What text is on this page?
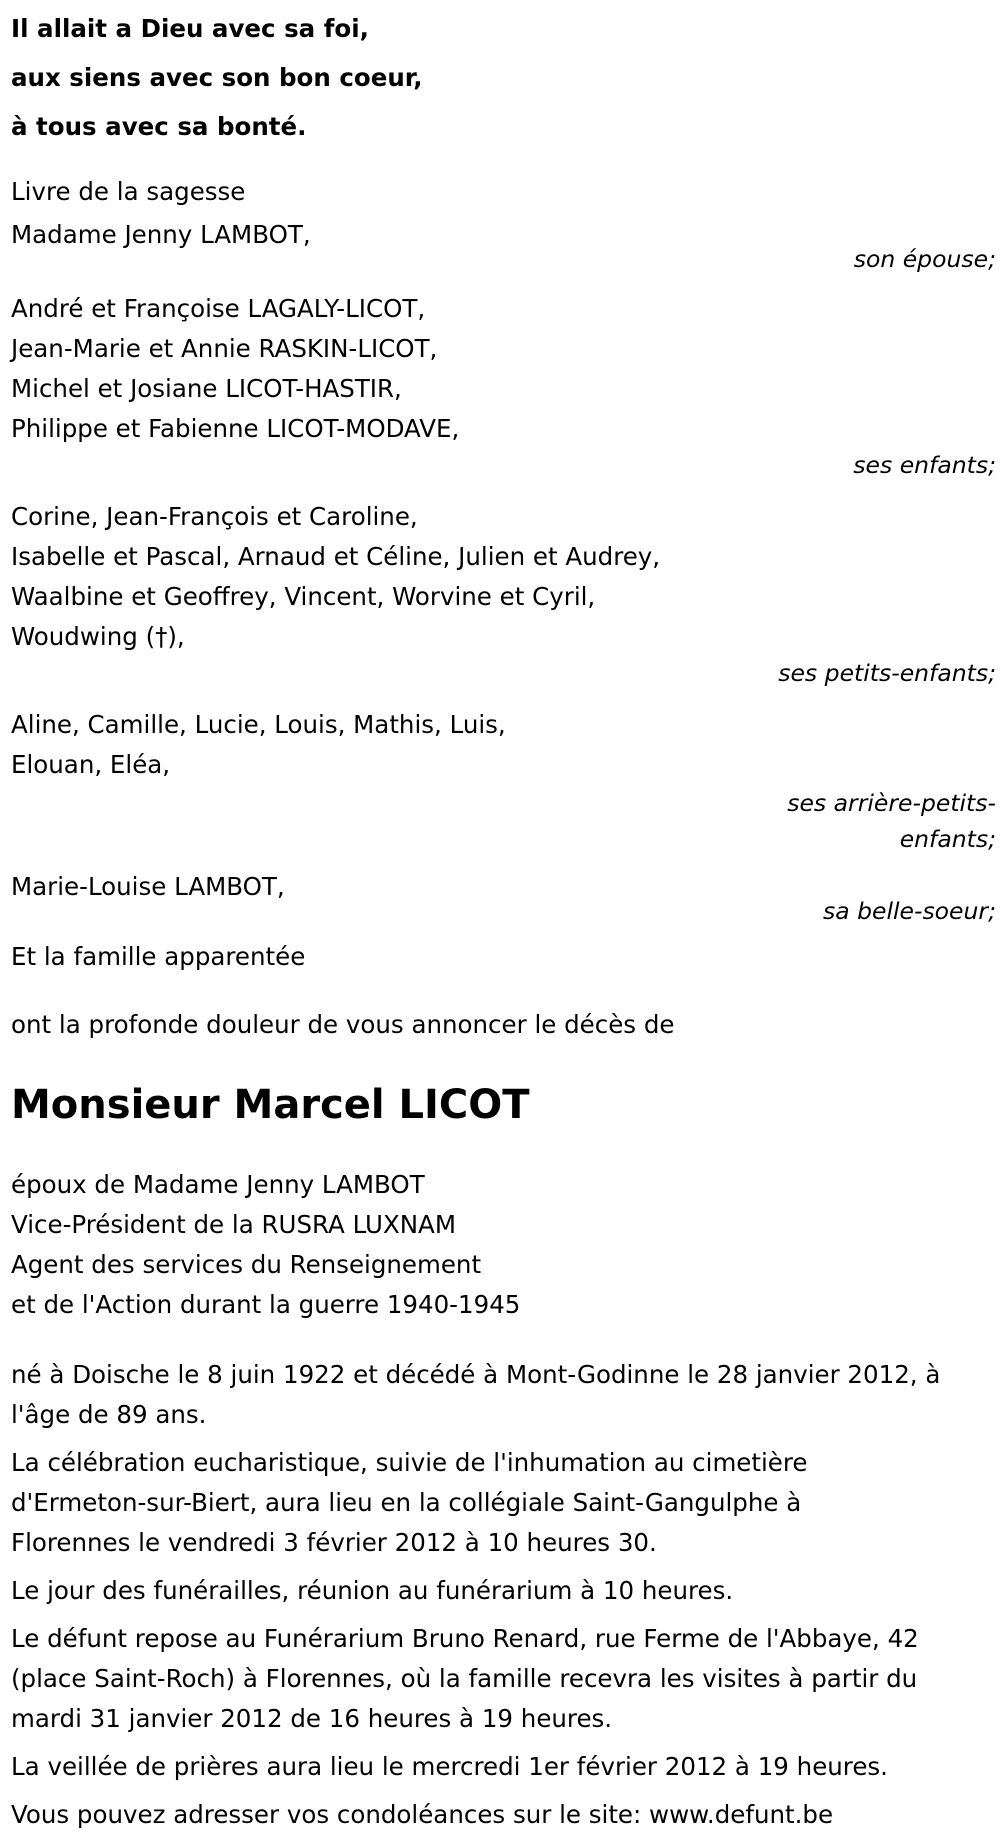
Il allait a Dieu avec sa foi,
aux siens avec son bon coeur,
à tous avec sa bonté.
Livre de la sagesse
Madame Jenny LAMBOT,
son épouse;
André et Françoise LAGALY-LICOT,
Jean-Marie et Annie RASKIN-LICOT,
Michel et Josiane LICOT-HASTIR,
Philippe et Fabienne LICOT-MODAVE,
ses enfants;
Corine, Jean-François et Caroline,
Isabelle et Pascal, Arnaud et Céline, Julien et Audrey,
Waalbine et Geoffrey, Vincent, Worvine et Cyril,
Woudwing (†),
ses petits-enfants;
Aline, Camille, Lucie, Louis, Mathis, Luis,
Elouan, Eléa,
ses arrière-petits-enfants;
Marie-Louise LAMBOT,
sa belle-soeur;
Et la famille apparentée
ont la profonde douleur de vous annoncer le décès de
Monsieur Marcel LICOT
époux de Madame Jenny LAMBOT
Vice-Président de la RUSRA LUXNAM
Agent des services du Renseignement
et de l'Action durant la guerre 1940-1945
né à Doische le 8 juin 1922 et décédé à Mont-Godinne le 28 janvier 2012, à l'âge de 89 ans.
La célébration eucharistique, suivie de l'inhumation au cimetière d'Ermeton-sur-Biert, aura lieu en la collégiale Saint-Gangulphe à Florennes le vendredi 3 février 2012 à 10 heures 30.
Le jour des funérailles, réunion au funérarium à 10 heures.
Le défunt repose au Funérarium Bruno Renard, rue Ferme de l'Abbaye, 42 (place Saint-Roch) à Florennes, où la famille recevra les visites à partir du mardi 31 janvier 2012 de 16 heures à 19 heures.
La veillée de prières aura lieu le mercredi 1er février 2012 à 19 heures.
Vous pouvez adresser vos condoléances sur le site: www.defunt.be
